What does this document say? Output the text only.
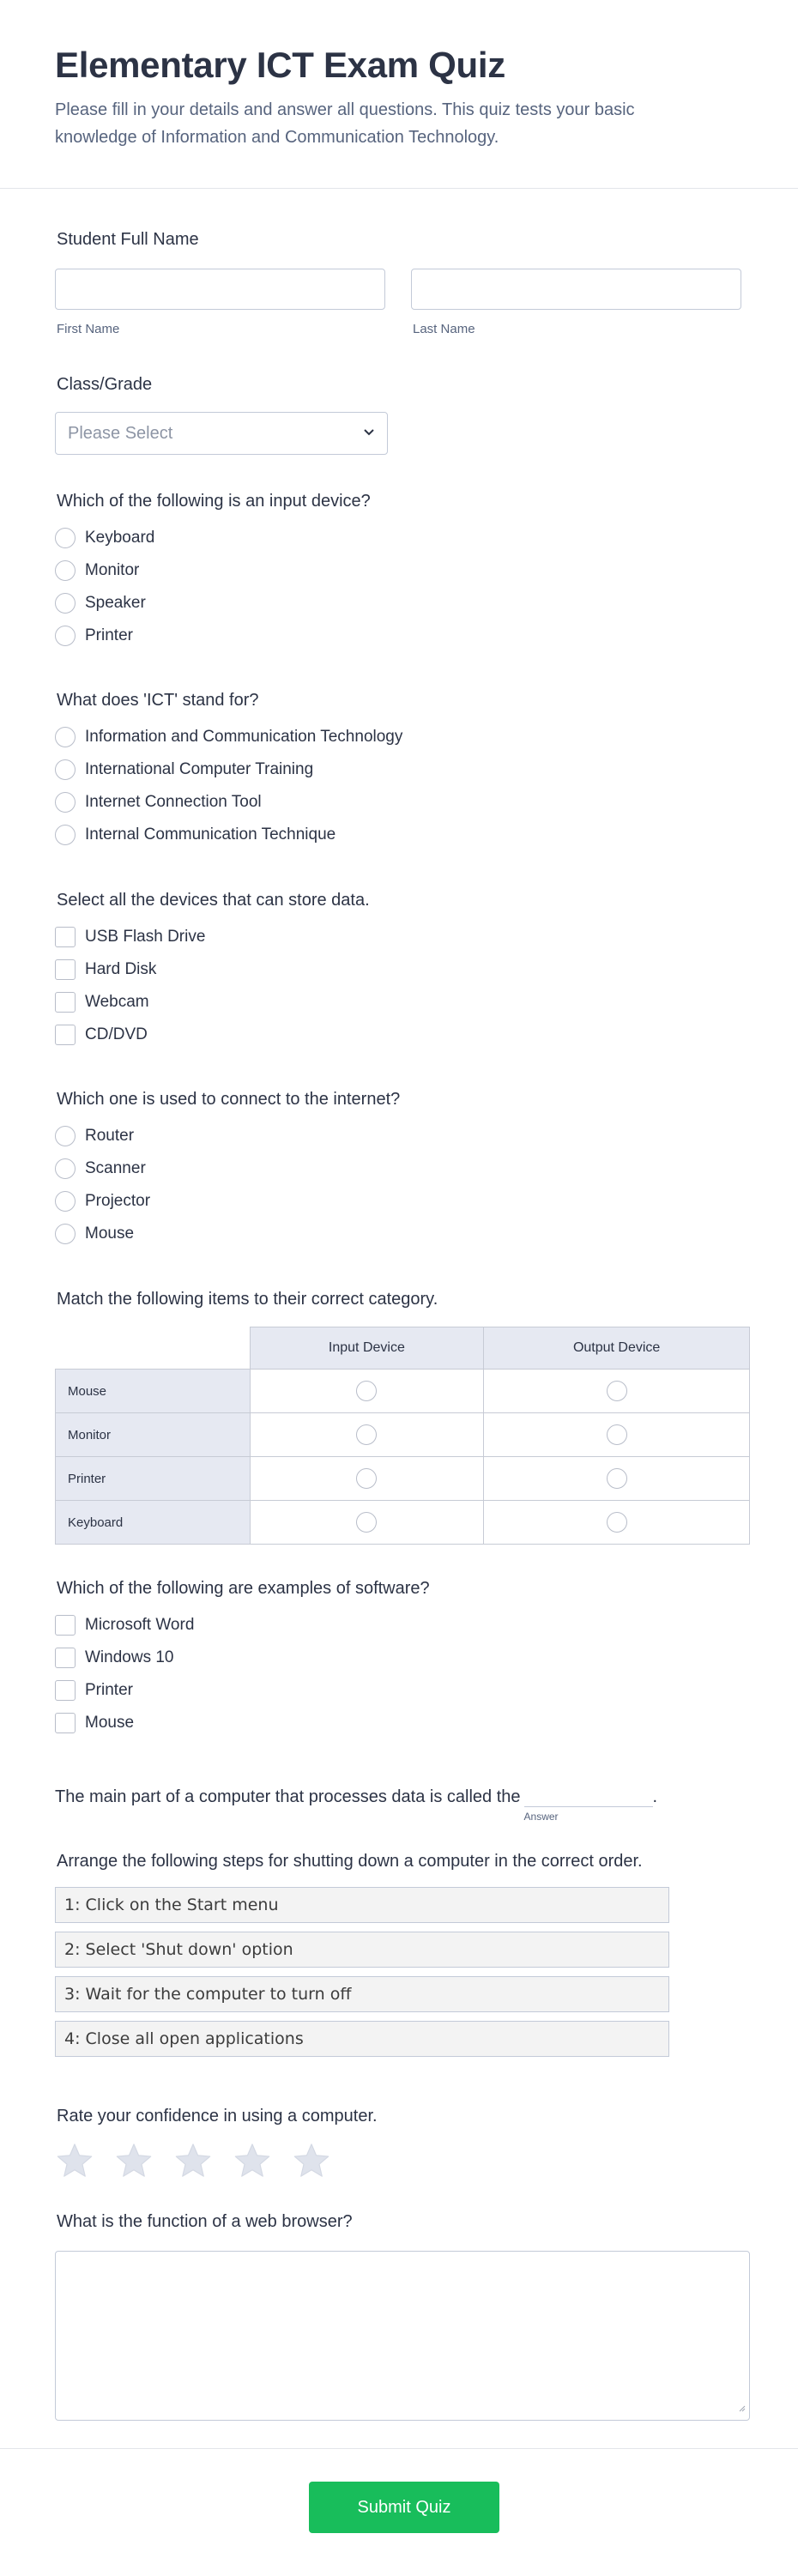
Elementary ICT Exam Quiz

Please fill in your details and answer all questions. This quiz tests your basic knowledge of Information and Communication Technology.

Student Full Name

First Name	Last Name

Class/Grade

Please Select

Which of the following is an input device?

Keyboard
Monitor
Speaker
Printer

What does 'ICT' stand for?

Information and Communication Technology
International Computer Training
Internet Connection Tool
Internal Communication Technique

Select all the devices that can store data.

USB Flash Drive
Hard Disk
Webcam
CD/DVD

Which one is used to connect to the internet?

Router
Scanner
Projector
Mouse

Match the following items to their correct category.

	Input Device	Output Device
Mouse		
Monitor		
Printer		
Keyboard		

Which of the following are examples of software?

Microsoft Word
Windows 10
Printer
Mouse
The main part of a computer that processes data is called the
Answer
.

Arrange the following steps for shutting down a computer in the correct order.

1: Click on the Start menu
2: Select 'Shut down' option
3: Wait for the computer to turn off
4: Close all open applications

Rate your confidence in using a computer.

What is the function of a web browser?

Submit Quiz
